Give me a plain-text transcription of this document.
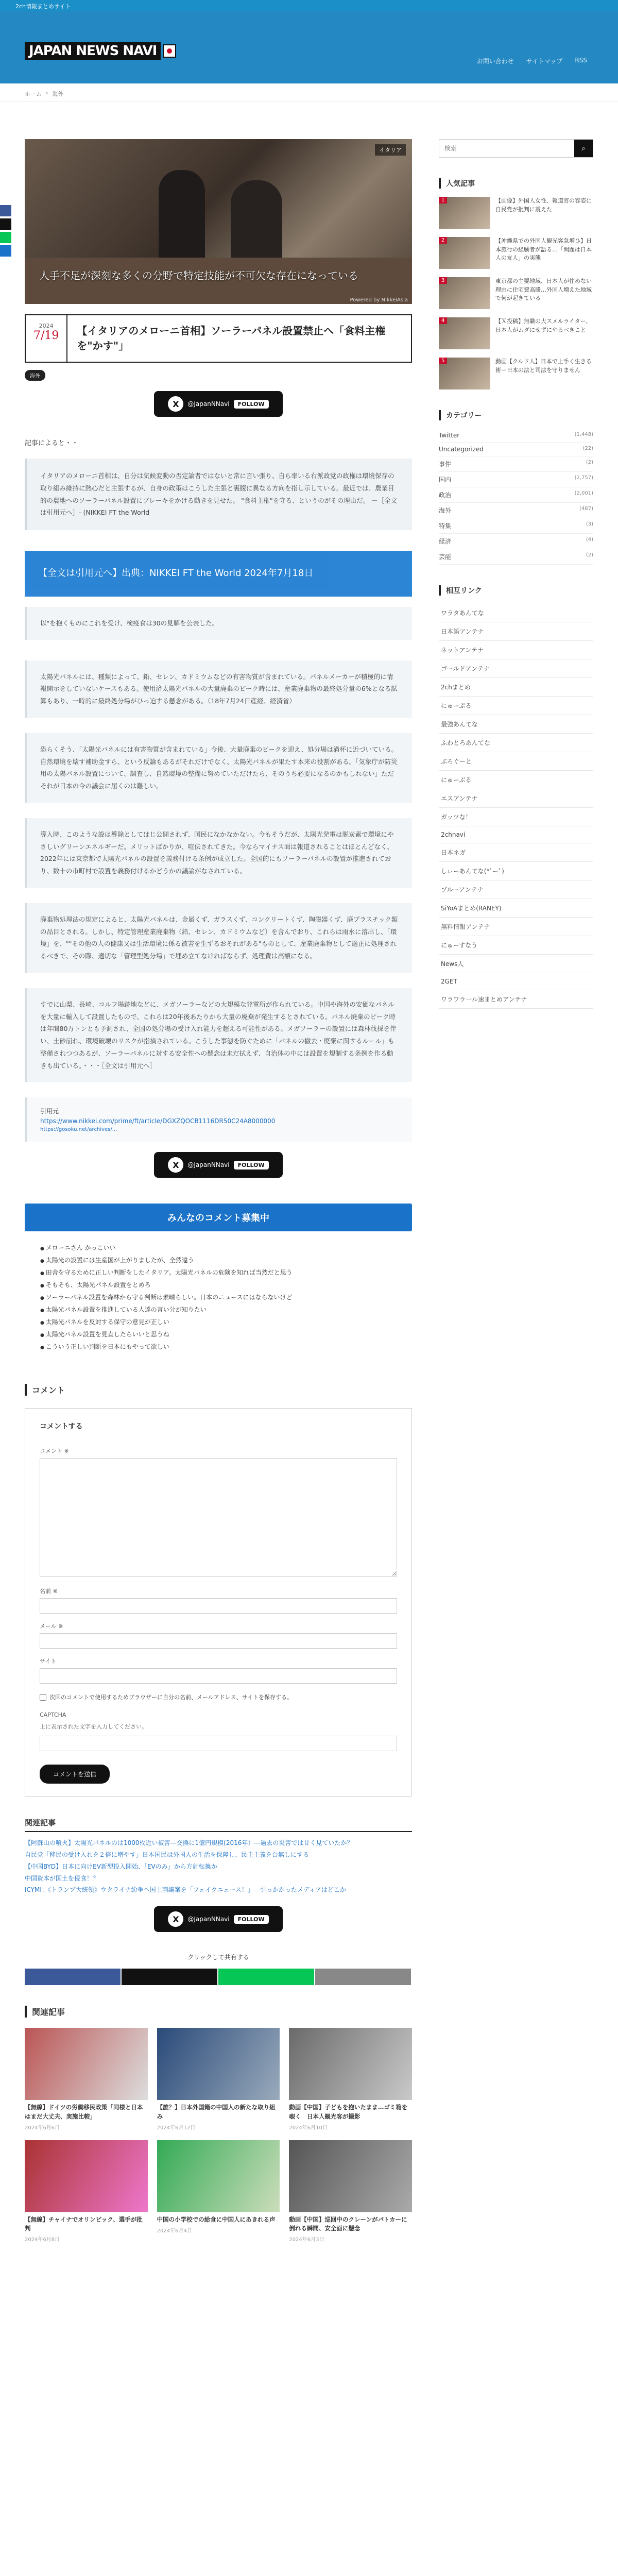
2ch情報まとめサイト
JAPAN NEWS NAVI
お問い合わせ サイトマップ RSS
ホーム › 海外
イタリア
人手不足が深刻な多くの分野で特定技能が不可欠な存在になっている
Powered by NikkeiAsia
2024
7/19	【イタリアのメローニ首相】ソーラーパネル設置禁止へ「食料主権を"かす"」
海外
X	@JapanNNavi	FOLLOW

記事によると・・

イタリアのメローニ首相は、自分は気候変動の否定論者ではないと常に言い張り、自ら率いる右派政党の政権は環境保存の取り組み維持に熱心だと主張するが、自身の政策はこうした主張と裏腹に異なる方向を指し示している。最近では、農業目的の農地へのソーラーパネル設置にブレーキをかける動きを見せた。 "食料主権"を守る、というのがその理由だ。 －［全文は引用元へ］- (NIKKEI FT the World
【全文は引用元へ】出典：NIKKEI FT the World 2024年7月18日
以"を抱くものにこれを受け、検疫食は30の見解を公表した。
太陽光パネルには、種類によって、鉛、セレン、カドミウムなどの有害物質が含まれている。パネルメーカーが積極的に情報開示をしていないケースもある。使用済太陽光パネルの大量廃棄のピーク時には、産業廃棄物の最終処分量の6%となる試算もあり、一時的に最終処分場がひっ迫する懸念がある。（18年7月24日産経、経済省）
恐らくそう、「太陽光パネルには有害物質が含まれている」今後、大量廃棄のピークを迎え、処分場は満杯に近づいている。自然環境を壊す補助金すら、という反論もあるがそれだけでなく、太陽光パネルが果たす本来の役割がある。「気象庁が防災用の太陽パネル設置について、調査し、自然環境の整備に努めていただけたら、そのうち必要になるのかもしれない」ただそれが日本の今の議会に届くのは難しい。
導入時、このような設は導除としてはじ公開されず、国民になかなかない。今もそうだが、太陽光発電は脱炭素で環境にやさしいグリーンエネルギーだ。メリットばかりが、喧伝されてきた。今ならマイナス面は報道されることはほとんどなく、2022年には東京都で太陽光パネルの設置を義務付ける条例が成立した。全国的にもソーラーパネルの設置が推進されており、数十の市町村で設置を義務付けるかどうかの議論がなされている。
廃棄物処理法の規定によると、太陽光パネルは、金属くず、ガラスくず、コンクリートくず、陶磁器くず、廃プラスチック類の品目とされる。しかし、特定管理産業廃棄物（鉛、セレン、カドミウムなど）を含んでおり、これらは雨水に溶出し、「環境」を、""その他の人の健康又は生活環境に係る被害を生ずるおそれがある"ものとして、産業廃棄物として適正に処理されるべきで、その際、適切な「管理型処分場」で埋め立てなければならず、処理費は高額になる。
すでに山梨、長崎、コルフ場跡地などに、メガソーラーなどの大規模な発電所が作られている。中国や海外の安価なパネルを大量に輸入して設置したもので、これらは20年後あたりから大量の廃棄が発生するとされている。パネル廃棄のピーク時は年間80万トンとも予測され、全国の処分場の受け入れ能力を超える可能性がある。メガソーラーの設置には森林伐採を伴い、土砂崩れ、環境破壊のリスクが指摘されている。こうした事態を防ぐために「パネルの撤去・廃棄に関するルール」も整備されつつあるが、ソーラーパネルに対する安全性への懸念は未だ拭えず、自治体の中には設置を規制する条例を作る動きも出ている。・・・［全文は引用元へ］
引用元
https://www.nikkei.com/prime/ft/article/DGXZQOCB1116DR50C24A8000000
https://gosoku.net/archives/...
X	@JapanNNavi	FOLLOW
みんなのコメント募集中
● メローニさん かっこいい
● 太陽光の設置には生産国が上がりましたが、全然違う
● 田舎を守るために正しい判断をしたイタリア。太陽光パネルの危険を知れば当然だと思う
● そもそも、太陽光パネル設置をとめろ
● ソーラーパネル設置を森林から守る判断は素晴らしい。日本のニュースにはならないけど
● 太陽光パネル設置を推進している人達の言い分が知りたい
● 太陽光パネルを反対する保守の意見が正しい
● 太陽光パネル設置を見直したらいいと思うね
● こういう正しい判断を日本にもやって欲しい
コメント
コメントする
コメント ※
名前 ※
メール ※
サイト
次回のコメントで使用するためブラウザーに自分の名前、メールアドレス、サイトを保存する。
CAPTCHA
上に表示された文字を入力してください。
コメントを送信
関連記事
【阿蘇山の噴火】太陽光パネルのは1000枚近い被害—交換に1億円規模(2016年）—過去の災害では甘く見ていたか？
自民党「移民の受け入れを２倍に増やす」日本国民は外国人の生活を保障し、民主主義を台無しにする
【中国BYD】日本に向けEV新型投入開始、「EVのみ」から方針転換か
中国資本が国土を侵食！？
ICYMI：《トランプ大統領》ウクライナ紛争へ国土割譲案を「フェイクニュース！」—引っかかったメディアはどこか
X	@JapanNNavi	FOLLOW
クリックして共有する
関連記事
【無線】ドイツの労働移民政策「同様と日本はまだ大丈夫、実施比較」
2024年6月6日
【誰？】日本外国籍の中国人の新たな取り組み
2024年6月12日
動画【中国】子どもを抱いたまま…ゴミ箱を覗く　日本人観光客が撮影
2024年6月10日
【無線】チャイナでオリンピック、選手が批判
2024年6月8日
中国の小学校での給食に中国人にあきれる声
2024年6月4日
動画【中国】巡回中のクレーンがパトカーに倒れる瞬間、安全面に懸念
2024年6月3日
検索
⌕
人気記事
1	【画像】外国人女性、報道官の容姿に 自民党が批判に震えた

2	【沖縄県での外国人観光客急増ひ】日本旅行の経験者が語る…「問題は日本人の友人」の実態

3	東京都の主要地域、日本人が住めない理由に住宅費高騰…外国人増えた地域で何が起きている

4	【Ｘ投稿】無職の大スメルライター、日本人がムダにせずにやるべきこと

5	動画【クルド人】日本で上手く生きる術ー日本の法と司法を守りません

カテゴリー
Twitter	(1,448)
Uncategorized	(22)
事件	(2)
国内	(2,757)
政治	(2,001)
海外	(487)
特集	(3)
経済	(4)
芸能	(2)
相互リンク
ワラタあんてな
日本語アンテナ
ネットアンテナ
ゴールドアンテナ
2chまとめ
にゅーぷる
最強あんてな
ふわとろあんてな
ぶろぐーと
にゅーぶる
エスアンテナ
ガッツな！
2chnavi
日本ネガ
しぃーあんてな(*ﾟーﾟ)
ブルーアンテナ
SiYoAまとめ(RANEY)
無料情報アンテナ
にゅーすなう
News人
2GET
ワラワラ一ル速まとめアンテナ
